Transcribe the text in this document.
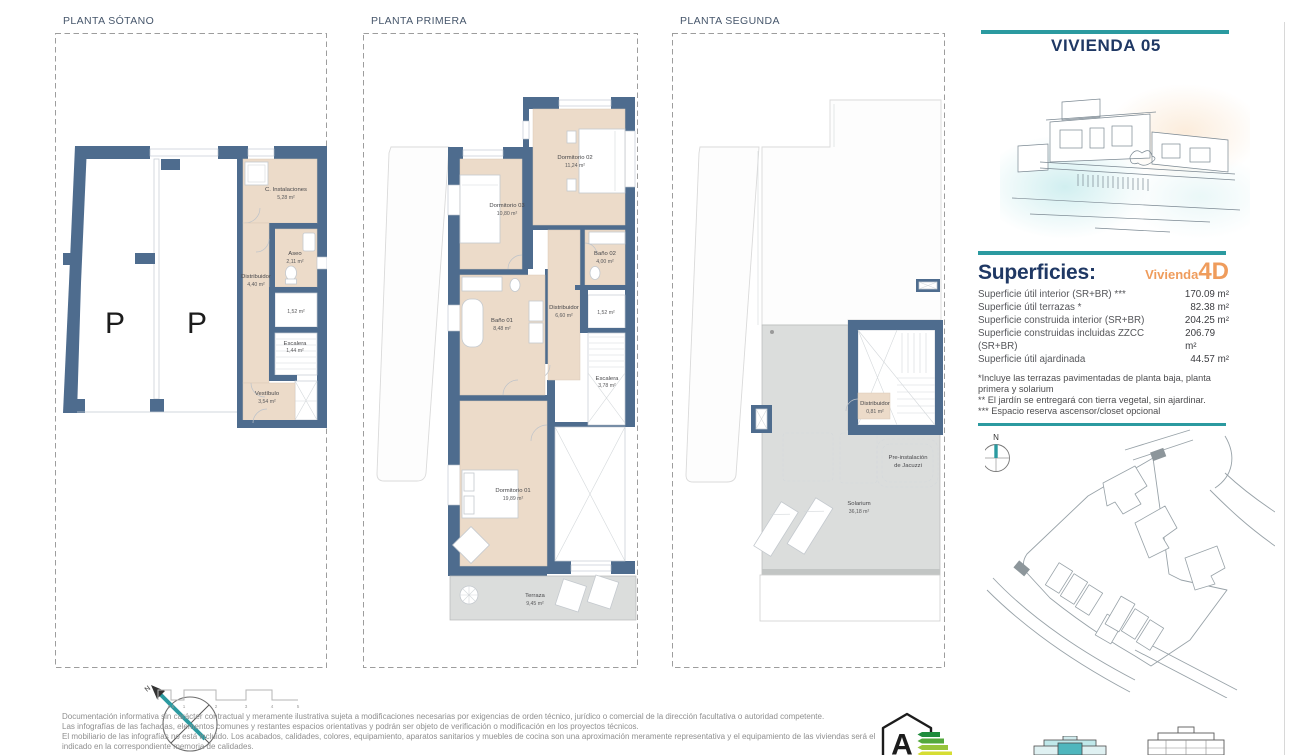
PLANTA SÓTANO
C. Instalaciones
5,28 m²
Aseo
2,11 m²
Distribuidor
4,40 m²
1,52 m²
Escalera
1,44 m²
Vestíbulo
3,54 m²
P P
PLANTA PRIMERA
Dormitorio 02
11,24 m²
Dormitorio 03
10,80 m²
Baño 02
4,00 m²
Distribuidor
6,60 m²	1,52 m²
Baño 01
8,48 m²
Escalera
3,78 m²
Dormitorio 01
19,89 m²
Terraza
9,45 m²
PLANTA SEGUNDA
Solarium
36,18 m²
Pre-instalación
de Jacuzzi
Distribuidor
0,81 m²
VIVIENDA 05
Superficies:	Vivienda4D
Superficie útil interior (SR+BR) ***	170.09 m²
Superficie útil terrazas *	82.38 m²
Superficie construida interior (SR+BR)	204.25 m²
Superficie construidas incluidas ZZCC (SR+BR)
206.79 m²
Superficie útil ajardinada	44.57 m²
*Incluye las terrazas pavimentadas de planta baja, planta primera y solarium
** El jardín se entregará con tierra vegetal, sin ajardinar.
*** Espacio reserva ascensor/closet opcional
N
N
0.5 1	2	3	4	5
Documentación informativa sin carácter contractual y meramente ilustrativa sujeta a modificaciones necesarias por exigencias de orden técnico, jurídico o comercial de la dirección facultativa o autoridad competente.
Las infografías de las fachadas, elementos comunes y restantes espacios orientativas y podrán ser objeto de verificación o modificación en los proyectos técnicos.
El mobiliario de las infografías no está incluido. Los acabados, calidades, colores, equipamiento, aparatos sanitarios y muebles de cocina son una aproximación meramente representativa y el equipamiento de las viviendas será el
indicado en la correspondiente memoria de calidades.	A
